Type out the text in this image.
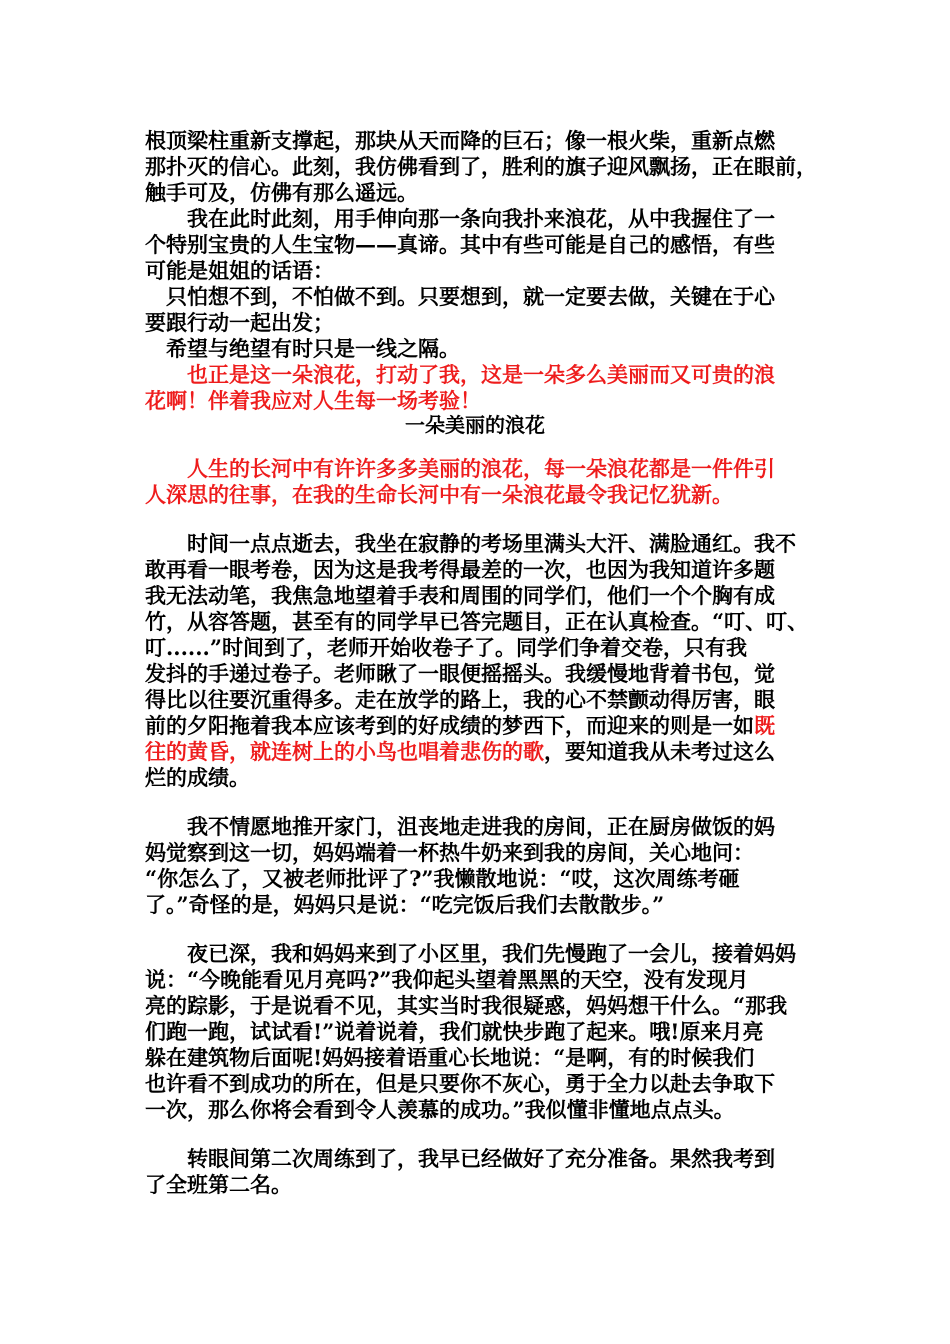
根顶梁柱重新支撑起，那块从天而降的巨石；像一根火柴，重新点燃
那扑灭的信心。此刻，我仿佛看到了，胜利的旗子迎风飘扬，正在眼前，
触手可及，仿佛有那么遥远。
　　我在此时此刻，用手伸向那一条向我扑来浪花，从中我握住了一
个特别宝贵的人生宝物——真谛。其中有些可能是自己的感悟，有些
可能是姐姐的话语：
　只怕想不到，不怕做不到。只要想到，就一定要去做，关键在于心
要跟行动一起出发；
　希望与绝望有时只是一线之隔。
　　也正是这一朵浪花，打动了我，这是一朵多么美丽而又可贵的浪
花啊！伴着我应对人生每一场考验！
一朵美丽的浪花
　　人生的长河中有许许多多美丽的浪花，每一朵浪花都是一件件引
人深思的往事，在我的生命长河中有一朵浪花最令我记忆犹新。
　　时间一点点逝去，我坐在寂静的考场里满头大汗、满脸通红。我不
敢再看一眼考卷，因为这是我考得最差的一次，也因为我知道许多题
我无法动笔，我焦急地望着手表和周围的同学们，他们一个个胸有成
竹，从容答题，甚至有的同学早已答完题目，正在认真检查。“叮、叮、
叮......”时间到了，老师开始收卷子了。同学们争着交卷，只有我
发抖的手递过卷子。老师瞅了一眼便摇摇头。我缓慢地背着书包，觉
得比以往要沉重得多。走在放学的路上，我的心不禁颤动得厉害，眼
前的夕阳拖着我本应该考到的好成绩的梦西下，而迎来的则是一如既
往的黄昏，就连树上的小鸟也唱着悲伤的歌，要知道我从未考过这么
烂的成绩。
　　我不情愿地推开家门，沮丧地走进我的房间，正在厨房做饭的妈
妈觉察到这一切，妈妈端着一杯热牛奶来到我的房间，关心地问：
“你怎么了，又被老师批评了?”我懒散地说：“哎，这次周练考砸
了。”奇怪的是，妈妈只是说：“吃完饭后我们去散散步。”
　　夜已深，我和妈妈来到了小区里，我们先慢跑了一会儿，接着妈妈
说：“今晚能看见月亮吗?”我仰起头望着黑黑的天空，没有发现月
亮的踪影，于是说看不见，其实当时我很疑惑，妈妈想干什么。“那我
们跑一跑，试试看!”说着说着，我们就快步跑了起来。哦!原来月亮
躲在建筑物后面呢!妈妈接着语重心长地说：“是啊，有的时候我们
也许看不到成功的所在，但是只要你不灰心，勇于全力以赴去争取下
一次，那么你将会看到令人羡慕的成功。”我似懂非懂地点点头。
　　转眼间第二次周练到了，我早已经做好了充分准备。果然我考到
了全班第二名。
